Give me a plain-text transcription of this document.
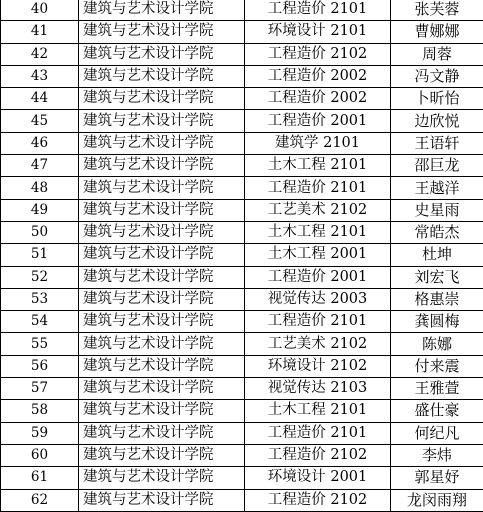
40	建筑与艺术设计学院	工程造价 2101	张芙蓉
41	建筑与艺术设计学院	环境设计 2101	曹娜娜
42	建筑与艺术设计学院	工程造价 2102	周蓉
43	建筑与艺术设计学院	工程造价 2002	冯文静
44	建筑与艺术设计学院	工程造价 2002	卜昕怡
45	建筑与艺术设计学院	工程造价 2001	边欣悦
46	建筑与艺术设计学院	建筑学 2101	王语轩
47	建筑与艺术设计学院	土木工程 2101	邵巨龙
48	建筑与艺术设计学院	工程造价 2101	王越洋
49	建筑与艺术设计学院	工艺美术 2102	史星雨
50	建筑与艺术设计学院	土木工程 2101	常皓杰
51	建筑与艺术设计学院	土木工程 2001	杜坤
52	建筑与艺术设计学院	工程造价 2001	刘宏飞
53	建筑与艺术设计学院	视觉传达 2003	格惠崇
54	建筑与艺术设计学院	工程造价 2101	龚圆梅
55	建筑与艺术设计学院	工艺美术 2102	陈娜
56	建筑与艺术设计学院	环境设计 2102	付来震
57	建筑与艺术设计学院	视觉传达 2103	王雅萱
58	建筑与艺术设计学院	土木工程 2101	盛仕豪
59	建筑与艺术设计学院	工程造价 2101	何纪凡
60	建筑与艺术设计学院	工程造价 2102	李炜
61	建筑与艺术设计学院	环境设计 2001	郭星妤
62	建筑与艺术设计学院	工程造价 2102	龙闵雨翔
